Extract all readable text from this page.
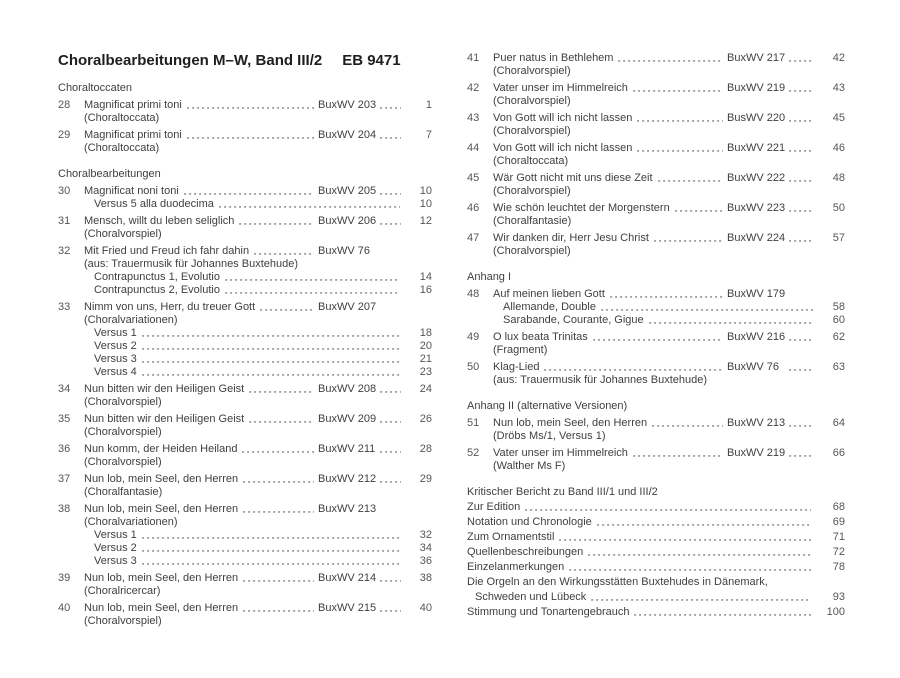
Choralbearbeitungen M–W, Band III/2 EB 9471
Choraltoccaten
28	Magnificat primi toni	BuxWV 203	1
(Choraltoccata)
29	Magnificat primi toni	BuxWV 204	7
(Choraltoccata)
Choralbearbeitungen
30	Magnificat noni toni	BuxWV 205	10
Versus 5 alla duodecima	10
31	Mensch, willt du leben seliglich	BuxWV 206	12
(Choralvorspiel)
32	Mit Fried und Freud ich fahr dahin	BuxWV 76
(aus: Trauermusik für Johannes Buxtehude)
Contrapunctus 1, Evolutio	14
Contrapunctus 2, Evolutio	16
33	Nimm von uns, Herr, du treuer Gott	BuxWV 207
(Choralvariationen)
Versus 1	18
Versus 2	20
Versus 3	21
Versus 4	23
34	Nun bitten wir den Heiligen Geist	BuxWV 208	24
(Choralvorspiel)
35	Nun bitten wir den Heiligen Geist	BuxWV 209	26
(Choralvorspiel)
36	Nun komm, der Heiden Heiland	BuxWV 211	28
(Choralvorspiel)
37	Nun lob, mein Seel, den Herren	BuxWV 212	29
(Choralfantasie)
38	Nun lob, mein Seel, den Herren	BuxWV 213
(Choralvariationen)
Versus 1	32
Versus 2	34
Versus 3	36
39	Nun lob, mein Seel, den Herren	BuxWV 214	38
(Choralricercar)
40	Nun lob, mein Seel, den Herren	BuxWV 215	40
(Choralvorspiel)
41	Puer natus in Bethlehem	BuxWV 217	42
(Choralvorspiel)
42	Vater unser im Himmelreich	BuxWV 219	43
(Choralvorspiel)
43	Von Gott will ich nicht lassen	BusWV 220	45
(Choralvorspiel)
44	Von Gott will ich nicht lassen	BuxWV 221	46
(Choraltoccata)
45	Wär Gott nicht mit uns diese Zeit	BuxWV 222	48
(Choralvorspiel)
46	Wie schön leuchtet der Morgenstern	BuxWV 223	50
(Choralfantasie)
47	Wir danken dir, Herr Jesu Christ	BuxWV 224	57
(Choralvorspiel)
Anhang I
48	Auf meinen lieben Gott	BuxWV 179
Allemande, Double	58
Sarabande, Courante, Gigue	60
49	O lux beata Trinitas	BuxWV 216	62
(Fragment)
50	Klag-Lied	BuxWV 76	63
(aus: Trauermusik für Johannes Buxtehude)
Anhang II (alternative Versionen)
51	Nun lob, mein Seel, den Herren	BuxWV 213	64
(Dröbs Ms/1, Versus 1)
52	Vater unser im Himmelreich	BuxWV 219	66
(Walther Ms F)
Kritischer Bericht zu Band III/1 und III/2
Zur Edition	68
Notation und Chronologie	69
Zum Ornamentstil	71
Quellenbeschreibungen	72
Einzelanmerkungen	78
Die Orgeln an den Wirkungsstätten Buxtehudes in Dänemark,
Schweden und Lübeck	93
Stimmung und Tonartengebrauch	100
